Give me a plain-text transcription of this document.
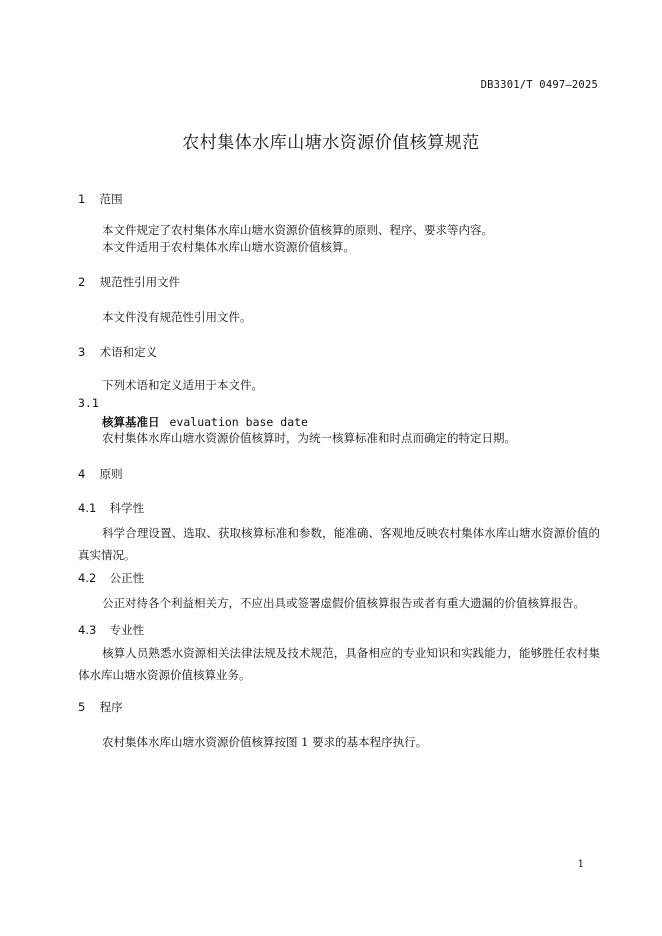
DB3301/T 0497—2025
农村集体水库山塘水资源价值核算规范
1 范围
本文件规定了农村集体水库山塘水资源价值核算的原则、程序、要求等内容。
本文件适用于农村集体水库山塘水资源价值核算。
2 规范性引用文件
本文件没有规范性引用文件。
3 术语和定义
下列术语和定义适用于本文件。
3.1
核算基准日 evaluation base date
农村集体水库山塘水资源价值核算时，为统一核算标准和时点而确定的特定日期。
4 原则
4.1 科学性
科学合理设置、选取、获取核算标准和参数，能准确、客观地反映农村集体水库山塘水资源价值的真实情况。
4.2 公正性
公正对待各个利益相关方，不应出具或签署虚假价值核算报告或者有重大遗漏的价值核算报告。
4.3 专业性
核算人员熟悉水资源相关法律法规及技术规范，具备相应的专业知识和实践能力，能够胜任农村集体水库山塘水资源价值核算业务。
5 程序
农村集体水库山塘水资源价值核算按图 1 要求的基本程序执行。
1
